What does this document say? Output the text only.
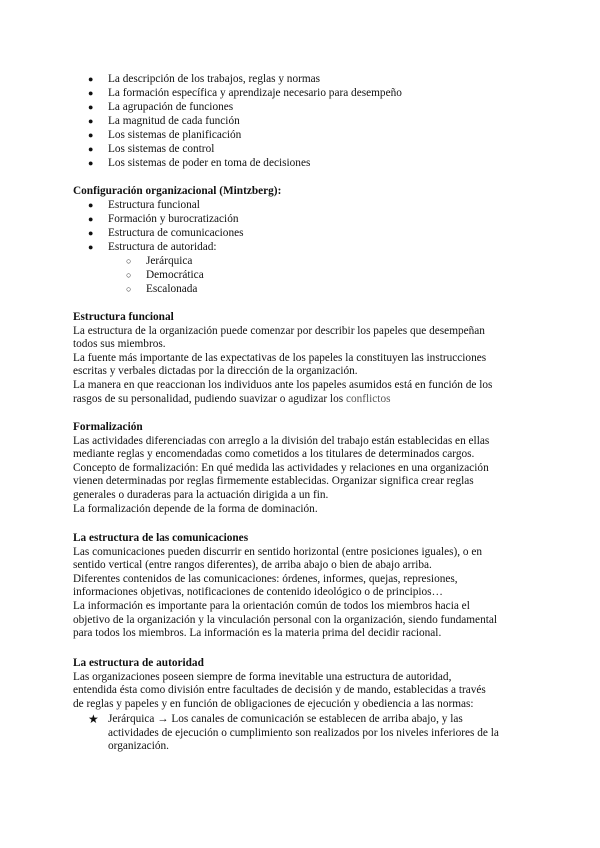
● La descripción de los trabajos, reglas y normas
● La formación específica y aprendizaje necesario para desempeño
● La agrupación de funciones
● La magnitud de cada función
● Los sistemas de planificación
● Los sistemas de control
● Los sistemas de poder en toma de decisiones
Configuración organizacional (Mintzberg):
● Estructura funcional
● Formación y burocratización
● Estructura de comunicaciones
● Estructura de autoridad:
○ Jerárquica
○ Democrática
○ Escalonada
Estructura funcional
La estructura de la organización puede comenzar por describir los papeles que desempeñan
todos sus miembros.
La fuente más importante de las expectativas de los papeles la constituyen las instrucciones
escritas y verbales dictadas por la dirección de la organización.
La manera en que reaccionan los individuos ante los papeles asumidos está en función de los
rasgos de su personalidad, pudiendo suavizar o agudizar los conflictos
Formalización
Las actividades diferenciadas con arreglo a la división del trabajo están establecidas en ellas
mediante reglas y encomendadas como cometidos a los titulares de determinados cargos.
Concepto de formalización: En qué medida las actividades y relaciones en una organización
vienen determinadas por reglas firmemente establecidas. Organizar significa crear reglas
generales o duraderas para la actuación dirigida a un fin.
La formalización depende de la forma de dominación.
La estructura de las comunicaciones
Las comunicaciones pueden discurrir en sentido horizontal (entre posiciones iguales), o en
sentido vertical (entre rangos diferentes), de arriba abajo o bien de abajo arriba.
Diferentes contenidos de las comunicaciones: órdenes, informes, quejas, represiones,
informaciones objetivas, notificaciones de contenido ideológico o de principios…
La información es importante para la orientación común de todos los miembros hacia el
objetivo de la organización y la vinculación personal con la organización, siendo fundamental
para todos los miembros. La información es la materia prima del decidir racional.
La estructura de autoridad
Las organizaciones poseen siempre de forma inevitable una estructura de autoridad,
entendida ésta como división entre facultades de decisión y de mando, establecidas a través
de reglas y papeles y en función de obligaciones de ejecución y obediencia a las normas:
★ Jerárquica → Los canales de comunicación se establecen de arriba abajo, y las
actividades de ejecución o cumplimiento son realizados por los niveles inferiores de la
organización.
